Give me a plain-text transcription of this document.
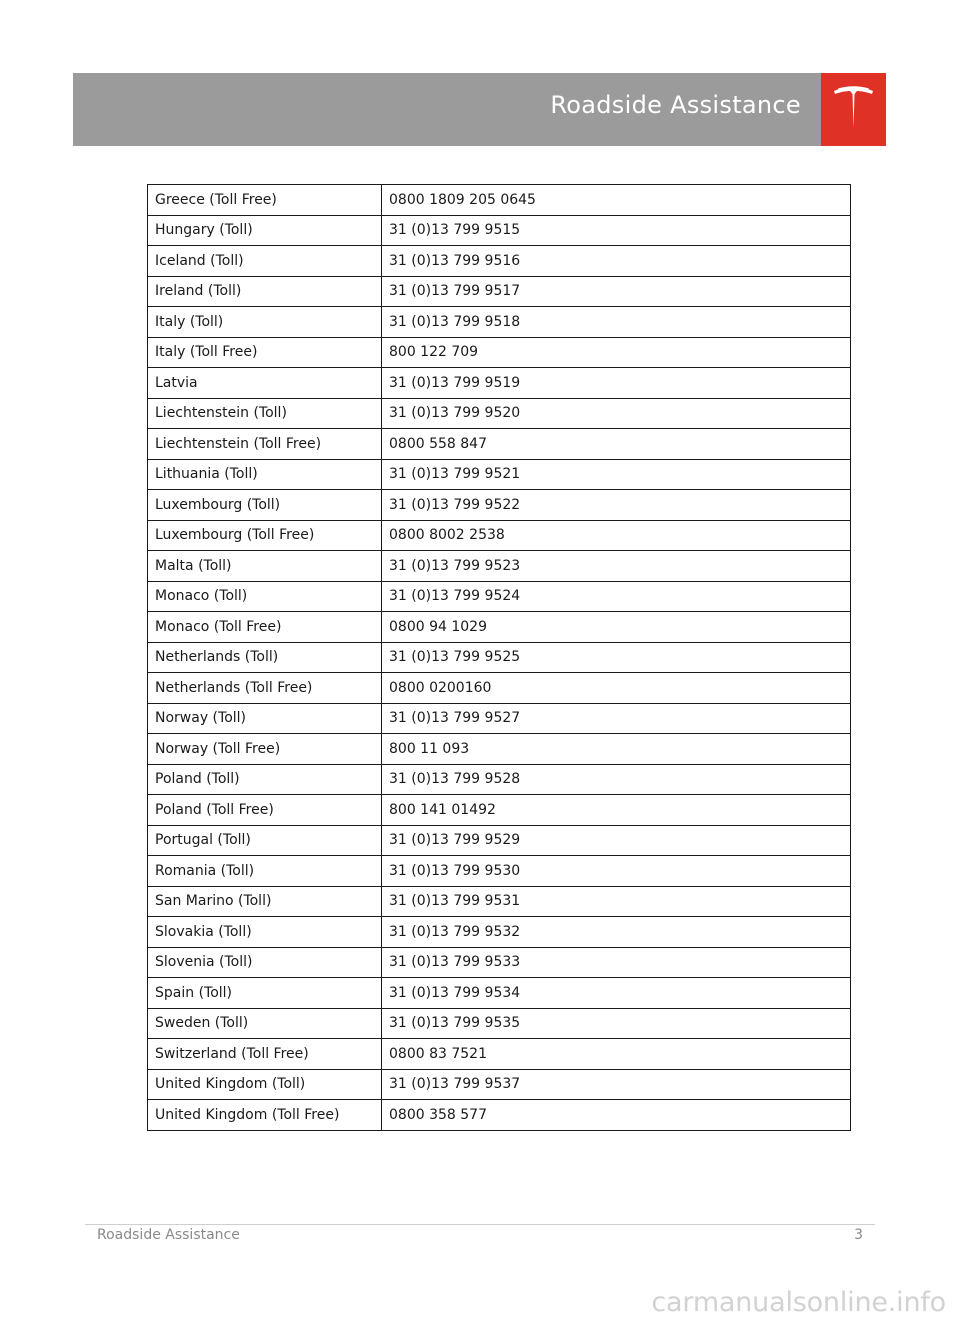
Roadside Assistance
Greece (Toll Free)	0800 1809 205 0645
Hungary (Toll)	31 (0)13 799 9515
Iceland (Toll)	31 (0)13 799 9516
Ireland (Toll)	31 (0)13 799 9517
Italy (Toll)	31 (0)13 799 9518
Italy (Toll Free)	800 122 709
Latvia	31 (0)13 799 9519
Liechtenstein (Toll)	31 (0)13 799 9520
Liechtenstein (Toll Free)	0800 558 847
Lithuania (Toll)	31 (0)13 799 9521
Luxembourg (Toll)	31 (0)13 799 9522
Luxembourg (Toll Free)	0800 8002 2538
Malta (Toll)	31 (0)13 799 9523
Monaco (Toll)	31 (0)13 799 9524
Monaco (Toll Free)	0800 94 1029
Netherlands (Toll)	31 (0)13 799 9525
Netherlands (Toll Free)	0800 0200160
Norway (Toll)	31 (0)13 799 9527
Norway (Toll Free)	800 11 093
Poland (Toll)	31 (0)13 799 9528
Poland (Toll Free)	800 141 01492
Portugal (Toll)	31 (0)13 799 9529
Romania (Toll)	31 (0)13 799 9530
San Marino (Toll)	31 (0)13 799 9531
Slovakia (Toll)	31 (0)13 799 9532
Slovenia (Toll)	31 (0)13 799 9533
Spain (Toll)	31 (0)13 799 9534
Sweden (Toll)	31 (0)13 799 9535
Switzerland (Toll Free)	0800 83 7521
United Kingdom (Toll)	31 (0)13 799 9537
United Kingdom (Toll Free)	0800 358 577
Roadside Assistance	3
carmanualsonline.info
